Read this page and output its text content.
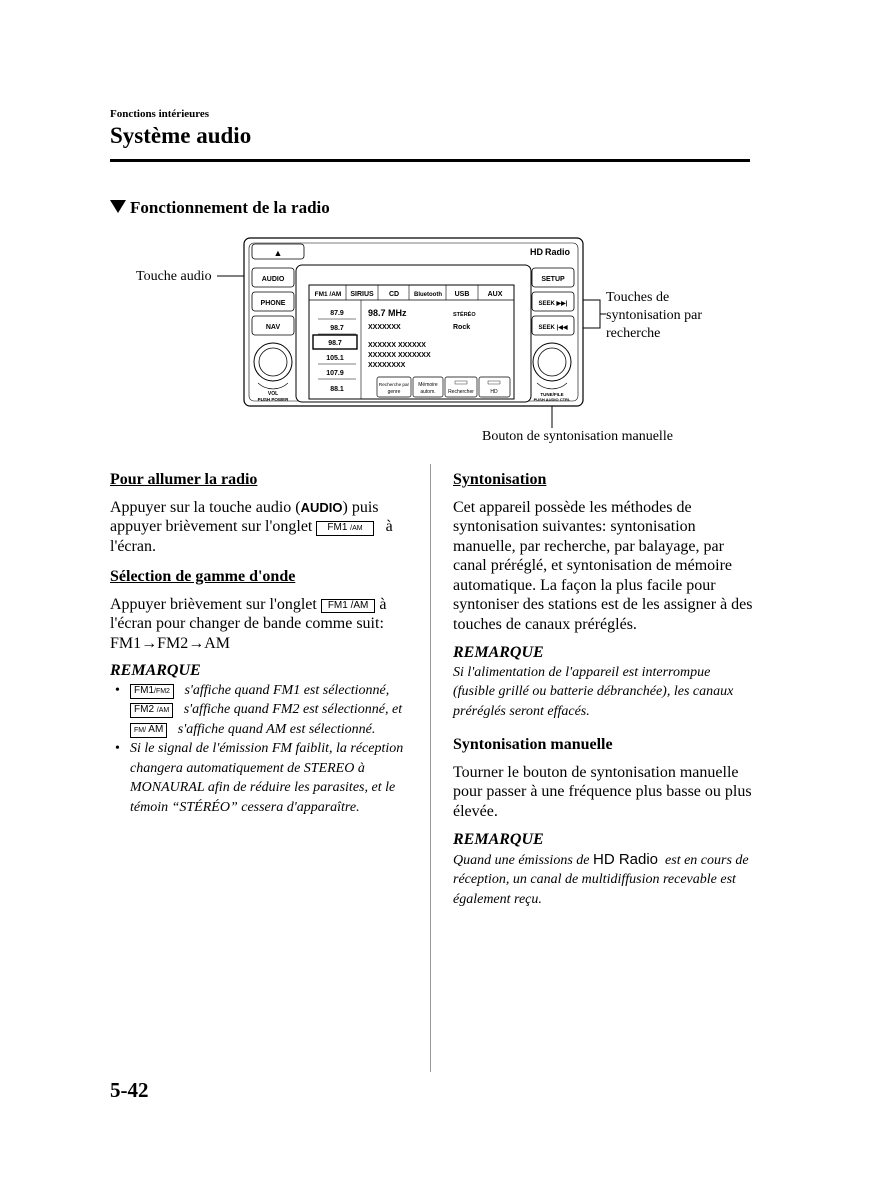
Fonctions intérieures
Système audio
Fonctionnement de la radio
Touche audio
Touches de
syntonisation par
recherche
Bouton de syntonisation manuelle
▲	HD Radio
AUDIO
PHONE
NAV
SETUP
SEEK ▶▶|
SEEK |◀◀
VOL
PUSH POWER
TUNE/FILE
PUSH AUDIO CTRL
FM1 /AM SIRIUS CD Bluetooth USB	AUX
87.9
98.7
98.7
105.1
107.9
88.1
98.7 MHz	STÉRÉO
XXXXXXX	Rock
XXXXXX XXXXXX
XXXXXX XXXXXXX
XXXXXXXX
Recherche par
genre
Mémoire
autom. Rechercher	HD
Pour allumer la radio
Appuyer sur la touche audio (AUDIO) puis appuyer brièvement sur l'onglet FM1 /AM à l'écran.
Sélection de gamme d'onde
Appuyer brièvement sur l'onglet FM1 /AM à l'écran pour changer de bande comme suit:
FM1→FM2→AM
REMARQUE
• FM1/FM2 s'affiche quand FM1 est sélectionné, FM2 /AM s'affiche quand FM2 est sélectionné, et FM/ AM s'affiche quand AM est sélectionné.
• Si le signal de l'émission FM faiblit, la réception changera automatiquement de STEREO à MONAURAL afin de réduire les parasites, et le témoin “STÉRÉO” cessera d'apparaître.
Syntonisation
Cet appareil possède les méthodes de syntonisation suivantes: syntonisation manuelle, par recherche, par balayage, par canal préréglé, et syntonisation de mémoire automatique. La façon la plus facile pour syntoniser des stations est de les assigner à des touches de canaux préréglés.
REMARQUE
Si l'alimentation de l'appareil est interrompue (fusible grillé ou batterie débranchée), les canaux préréglés seront effacés.
Syntonisation manuelle
Tourner le bouton de syntonisation manuelle pour passer à une fréquence plus basse ou plus élevée.
REMARQUE
Quand une émissions de HD Radio est en cours de réception, un canal de multidiffusion recevable est également reçu.
5-42
